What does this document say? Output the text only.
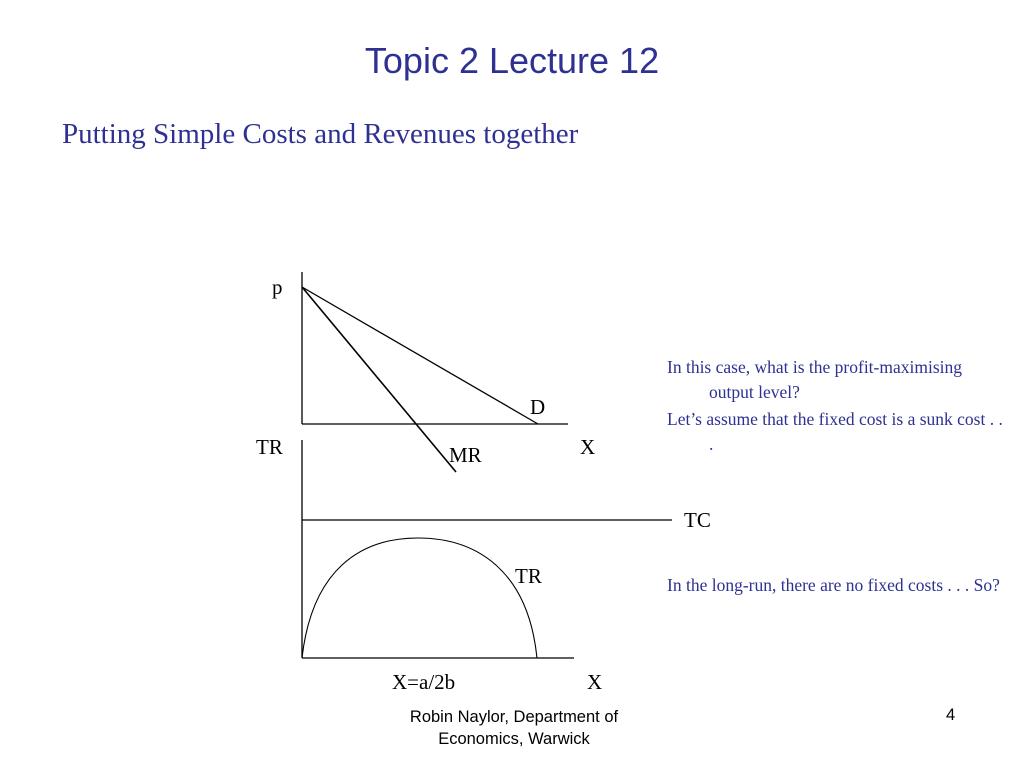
Topic 2 Lecture 12
Putting Simple Costs and Revenues together
p
D
X
MR
TR
TC
TR
X=a/2b	X

In this case, what is the profit-maximising output level?

Let’s assume that the fixed cost is a sunk cost . . .

In the long-run, there are no fixed costs . . . So?

Robin Naylor, Department of
Economics, Warwick
4
